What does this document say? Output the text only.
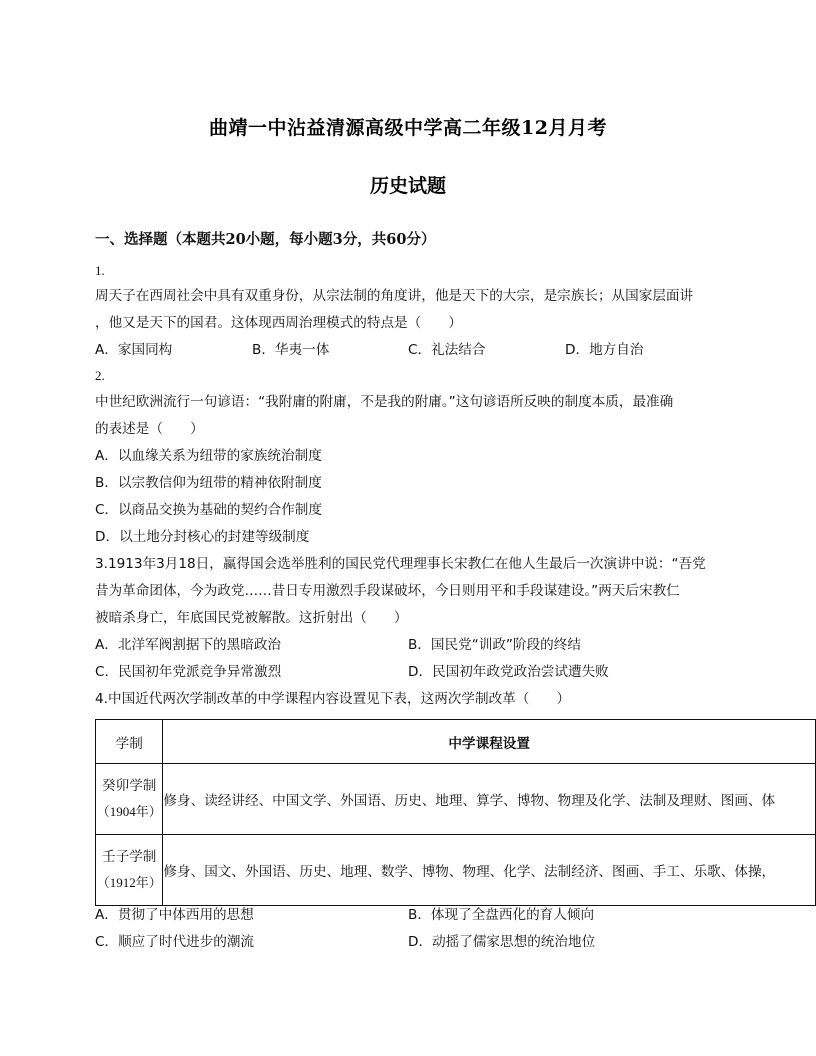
曲靖一中沾益清源高级中学高二年级12月月考
历史试题
一、选择题（本题共20小题，每小题3分，共60分）
1.
周天子在西周社会中具有双重身份，从宗法制的角度讲，他是天下的大宗，是宗族长；从国家层面讲
，他又是天下的国君。这体现西周治理模式的特点是（　　）
A．家国同构	B．华夷一体	C．礼法结合	D．地方自治
2.
中世纪欧洲流行一句谚语：“我附庸的附庸，不是我的附庸。”这句谚语所反映的制度本质，最准确
的表述是（　　）
A．以血缘关系为纽带的家族统治制度
B．以宗教信仰为纽带的精神依附制度
C．以商品交换为基础的契约合作制度
D．以土地分封核心的封建等级制度
3.1913年3月18日，赢得国会选举胜利的国民党代理理事长宋教仁在他人生最后一次演讲中说：“吾党
昔为革命团体，今为政党……昔日专用激烈手段谋破坏，今日则用平和手段谋建设。”两天后宋教仁
被暗杀身亡，年底国民党被解散。这折射出（　　）
A．北洋军阀割据下的黑暗政治	B．国民党“训政”阶段的终结
C．民国初年党派竞争异常激烈	D．民国初年政党政治尝试遭失败
4.中国近代两次学制改革的中学课程内容设置见下表，这两次学制改革（　　）
学制	中学课程设置

癸卯学制
（1904年）	修身、读经讲经、中国文学、外国语、历史、地理、算学、博物、物理及化学、法制及理财、图画、体

壬子学制
（1912年）	修身、国文、外国语、历史、地理、数学、博物、物理、化学、法制经济、图画、手工、乐歌、体操，
A．贯彻了中体西用的思想	B．体现了全盘西化的育人倾向
C．顺应了时代进步的潮流	D．动摇了儒家思想的统治地位
